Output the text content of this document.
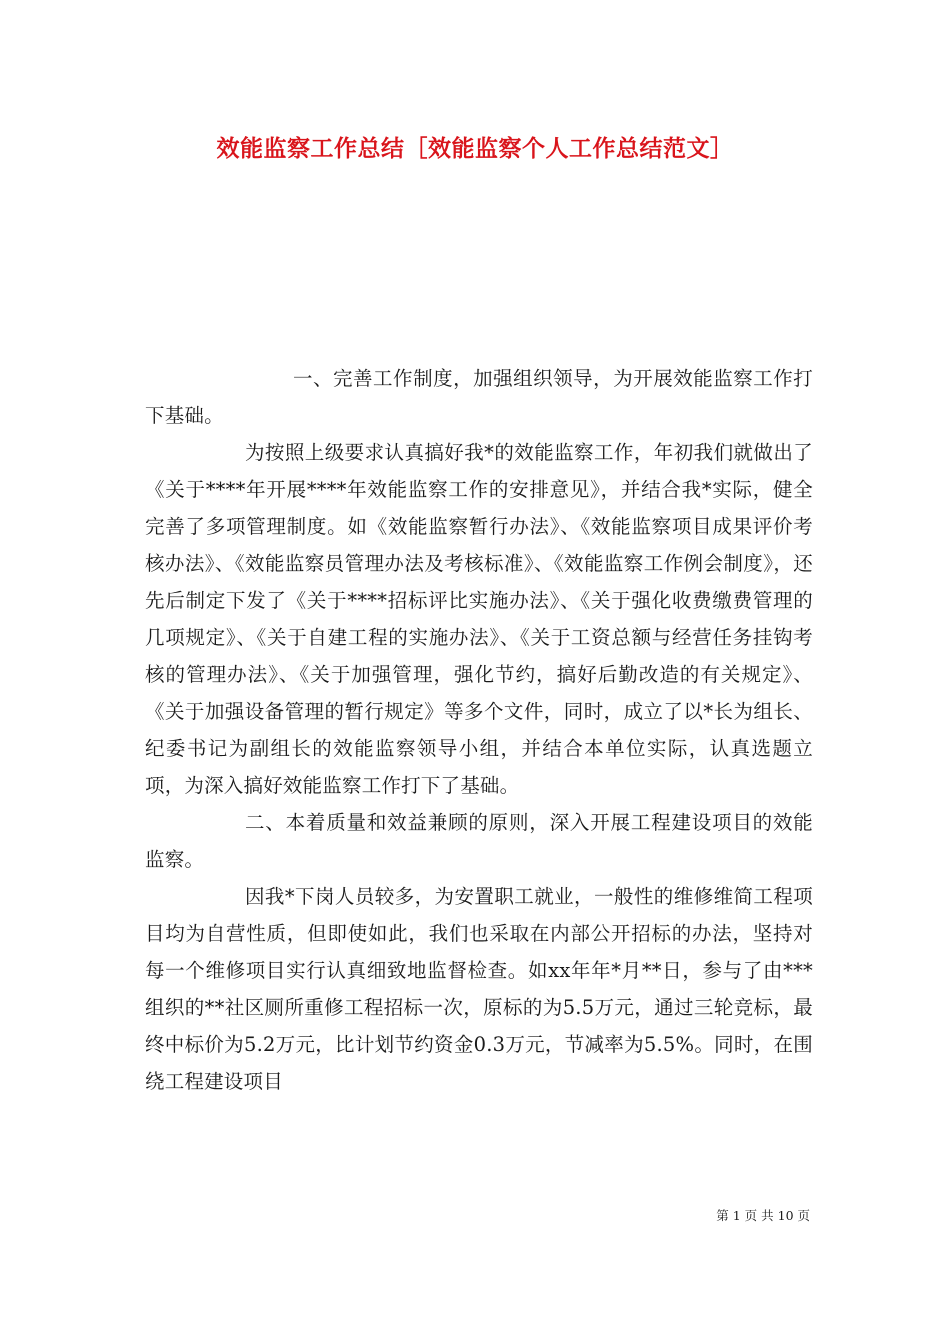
效能监察工作总结［效能监察个人工作总结范文］

一、完善工作制度，加强组织领导，为开展效能监察工作打下基础。

为按照上级要求认真搞好我*的效能监察工作，年初我们就做出了《关于****年开展****年效能监察工作的安排意见》，并结合我*实际，健全完善了多项管理制度。如《效能监察暂行办法》、《效能监察项目成果评价考核办法》、《效能监察员管理办法及考核标准》、《效能监察工作例会制度》，还先后制定下发了《关于****招标评比实施办法》、《关于强化收费缴费管理的几项规定》、《关于自建工程的实施办法》、《关于工资总额与经营任务挂钩考核的管理办法》、《关于加强管理，强化节约，搞好后勤改造的有关规定》、《关于加强设备管理的暂行规定》等多个文件，同时，成立了以*长为组长、纪委书记为副组长的效能监察领导小组，并结合本单位实际，认真选题立项，为深入搞好效能监察工作打下了基础。

二、本着质量和效益兼顾的原则，深入开展工程建设项目的效能监察。

因我*下岗人员较多，为安置职工就业，一般性的维修维简工程项目均为自营性质，但即使如此，我们也采取在内部公开招标的办法，坚持对每一个维修项目实行认真细致地监督检查。如xx年年*月**日，参与了由***组织的**社区厕所重修工程招标一次，原标的为5.5万元，通过三轮竞标，最终中标价为5.2万元，比计划节约资金0.3万元，节减率为5.5%。同时，在围绕工程建设项目

第 1 页 共 10 页
